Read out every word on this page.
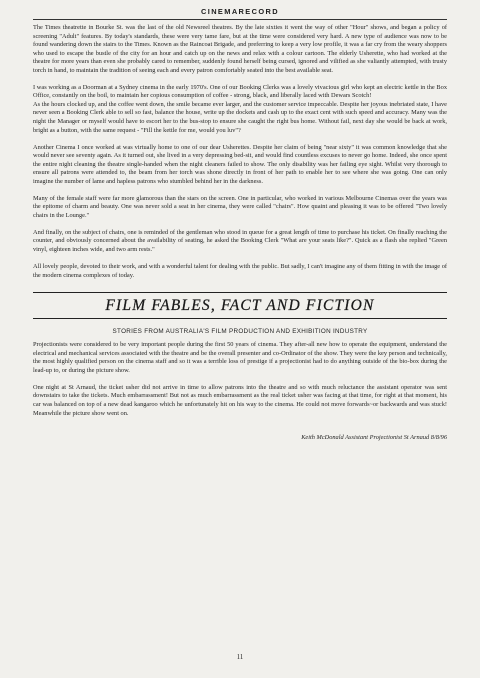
CINEMARECORD

The Times theatrette in Bourke St. was the last of the old Newsreel theatres. By the late sixties it went the way of other "Hour" shows, and began a policy of screening "Adult" features. By today's standards, these were very tame fare, but at the time were considered very hard. A new type of audience was now to be found wandering down the stairs to the Times. Known as the Raincoat Brigade, and preferring to keep a very low profile, it was a far cry from the weary shoppers who used to escape the bustle of the city for an hour and catch up on the news and relax with a colour cartoon. The elderly Usherette, who had worked at the theatre for more years than even she probably cared to remember, suddenly found herself being cursed, ignored and vilified as she valiantly attempted, with trusty torch in hand, to maintain the tradition of seeing each and every patron comfortably seated into the best available seat.

I was working as a Doorman at a Sydney cinema in the early 1970's. One of our Booking Clerks was a lovely vivacious girl who kept an electric kettle in the Box Office, constantly on the boil, to maintain her copious consumption of coffee - strong, black, and liberally laced with Dewars Scotch!

As the hours clocked up, and the coffee went down, the smile became ever larger, and the customer service impeccable. Despite her joyous inebriated state, I have never seen a Booking Clerk able to sell so fast, balance the house, write up the dockets and cash up to the exact cent with such speed and accuracy. Many was the night the Manager or myself would have to escort her to the bus-stop to ensure she caught the right bus home. Without fail, next day she would be back at work, bright as a button, with the same request - "Fill the kettle for me, would you luv"?

Another Cinema I once worked at was virtually home to one of our dear Usherettes. Despite her claim of being "near sixty" it was common knowledge that she would never see seventy again. As it turned out, she lived in a very depressing bed-sit, and would find countless excuses to never go home. Indeed, she once spent the entire night cleaning the theatre single-handed when the night cleaners failed to show. The only disability was her failing eye sight. Whilst very thorough to ensure all patrons were attended to, the beam from her torch was shone directly in front of her path to enable her to see where she was going. One can only imagine the number of lame and hapless patrons who stumbled behind her in the darkness.

Many of the female staff were far more glamorous than the stars on the screen. One in particular, who worked in various Melbourne Cinemas over the years was the epitome of charm and beauty. One was never sold a seat in her cinema, they were called "chairs". How quaint and pleasing it was to be offered "Two lovely chairs in the Lounge."

And finally, on the subject of chairs, one is reminded of the gentleman who stood in queue for a great length of time to purchase his ticket. On finally reaching the counter, and obviously concerned about the availability of seating, he asked the Booking Clerk "What are your seats like?". Quick as a flash she replied "Green vinyl, eighteen inches wide, and two arm rests."

All lovely people, devoted to their work, and with a wonderful talent for dealing with the public. But sadly, I can't imagine any of them fitting in with the image of the modern cinema complexes of today.

FILM FABLES, FACT AND FICTION
STORIES FROM AUSTRALIA'S FILM PRODUCTION AND EXHIBITION INDUSTRY

Projectionists were considered to be very important people during the first 50 years of cinema. They after-all new how to operate the equipment, understand the electrical and mechanical services associated with the theatre and be the overall presenter and co-Ordinator of the show. They were the key person and technically, the most highly qualified person on the cinema staff and so it was a terrible loss of prestige if a projectionist had to do anything outside of the bio-box during the lead-up to, or during the picture show.

One night at St Arnaud, the ticket usher did not arrive in time to allow patrons into the theatre and so with much reluctance the assistant operator was sent downstairs to take the tickets. Much embarrassment! But not as much embarrassment as the real ticket usher was facing at that time, for right at that moment, his car was balanced on top of a new dead kangaroo which he unfortunately hit on his way to the cinema. He could not move forwards~or backwards and was stuck! Meanwhile the picture show went on.

Keith McDonald Assistant Projectionist St Arnaud 8/8/96
11
